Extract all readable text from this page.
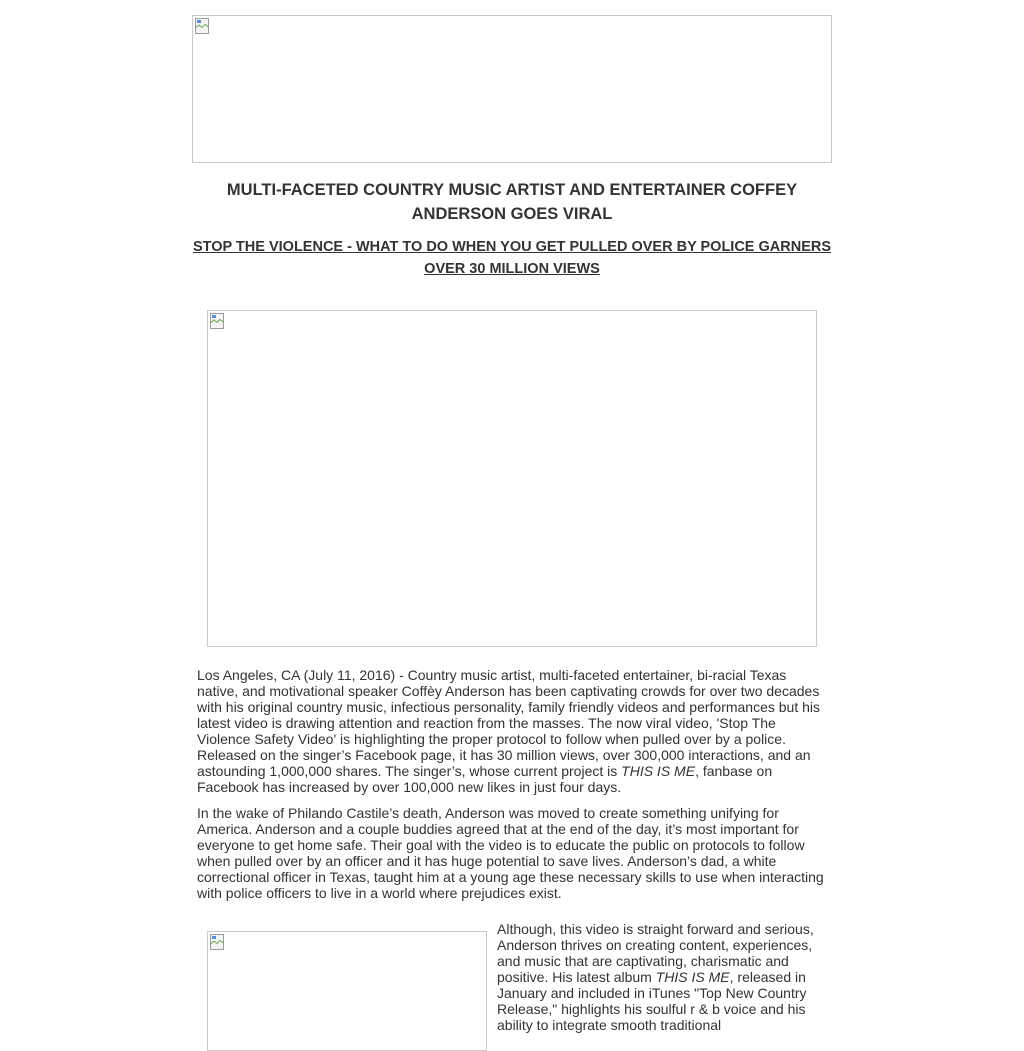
MULTI-FACETED COUNTRY MUSIC ARTIST AND ENTERTAINER COFFEY ANDERSON GOES VIRAL
STOP THE VIOLENCE - WHAT TO DO WHEN YOU GET PULLED OVER BY POLICE GARNERS OVER 30 MILLION VIEWS

Los Angeles, CA (July 11, 2016) - Country music artist, multi-faceted entertainer, bi-racial Texas native, and motivational speaker Coffèy Anderson has been captivating crowds for over two decades with his original country music, infectious personality, family friendly videos and performances but his latest video is drawing attention and reaction from the masses. The now viral video, 'Stop The Violence Safety Video' is highlighting the proper protocol to follow when pulled over by a police. Released on the singer’s Facebook page, it has 30 million views, over 300,000 interactions, and an astounding 1,000,000 shares. The singer’s, whose current project is THIS IS ME, fanbase on Facebook has increased by over 100,000 new likes in just four days.

In the wake of Philando Castile’s death, Anderson was moved to create something unifying for America. Anderson and a couple buddies agreed that at the end of the day, it’s most important for everyone to get home safe. Their goal with the video is to educate the public on protocols to follow when pulled over by an officer and it has huge potential to save lives. Anderson’s dad, a white correctional officer in Texas, taught him at a young age these necessary skills to use when interacting with police officers to live in a world where prejudices exist.

Although, this video is straight forward and serious, Anderson thrives on creating content, experiences, and music that are captivating, charismatic and positive. His latest album THIS IS ME, released in January and included in iTunes "Top New Country Release," highlights his soulful r & b voice and his ability to integrate smooth traditional
